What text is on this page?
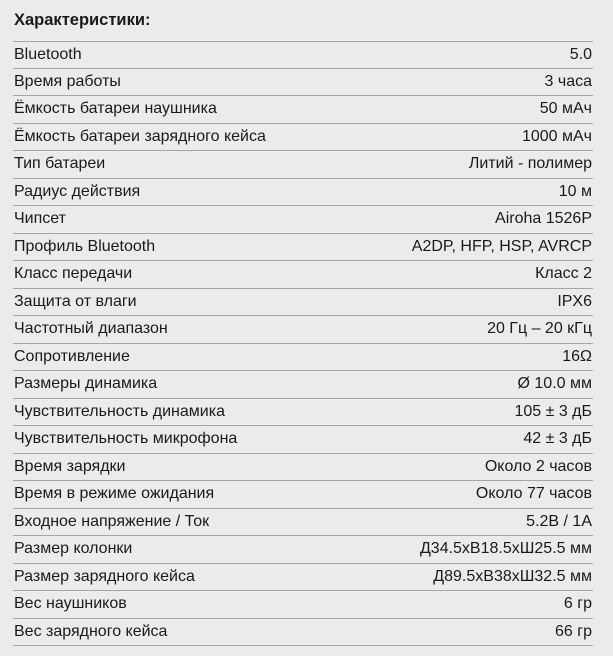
Характеристики:
Bluetooth	5.0
Время работы	3 часа
Ёмкость батареи наушника	50 мАч
Ёмкость батареи зарядного кейса	1000 мАч
Тип батареи	Литий - полимер
Радиус действия	10 м
Чипсет	Airoha 1526P
Профиль Bluetooth	A2DP, HFP, HSP, AVRCP
Класс передачи	Класс 2
Защита от влаги	IPX6
Частотный диапазон	20 Гц – 20 кГц
Сопротивление	16Ω
Размеры динамика	Ø 10.0 мм
Чувствительность динамика	105 ± 3 дБ
Чувствительность микрофона	42 ± 3 дБ
Время зарядки	Около 2 часов
Время в режиме ожидания	Около 77 часов
Входное напряжение / Ток	5.2В / 1А
Размер колонки	Д34.5хВ18.5хШ25.5 мм
Размер зарядного кейса	Д89.5хВ38хШ32.5 мм
Вес наушников	6 гр
Вес зарядного кейса	66 гр
